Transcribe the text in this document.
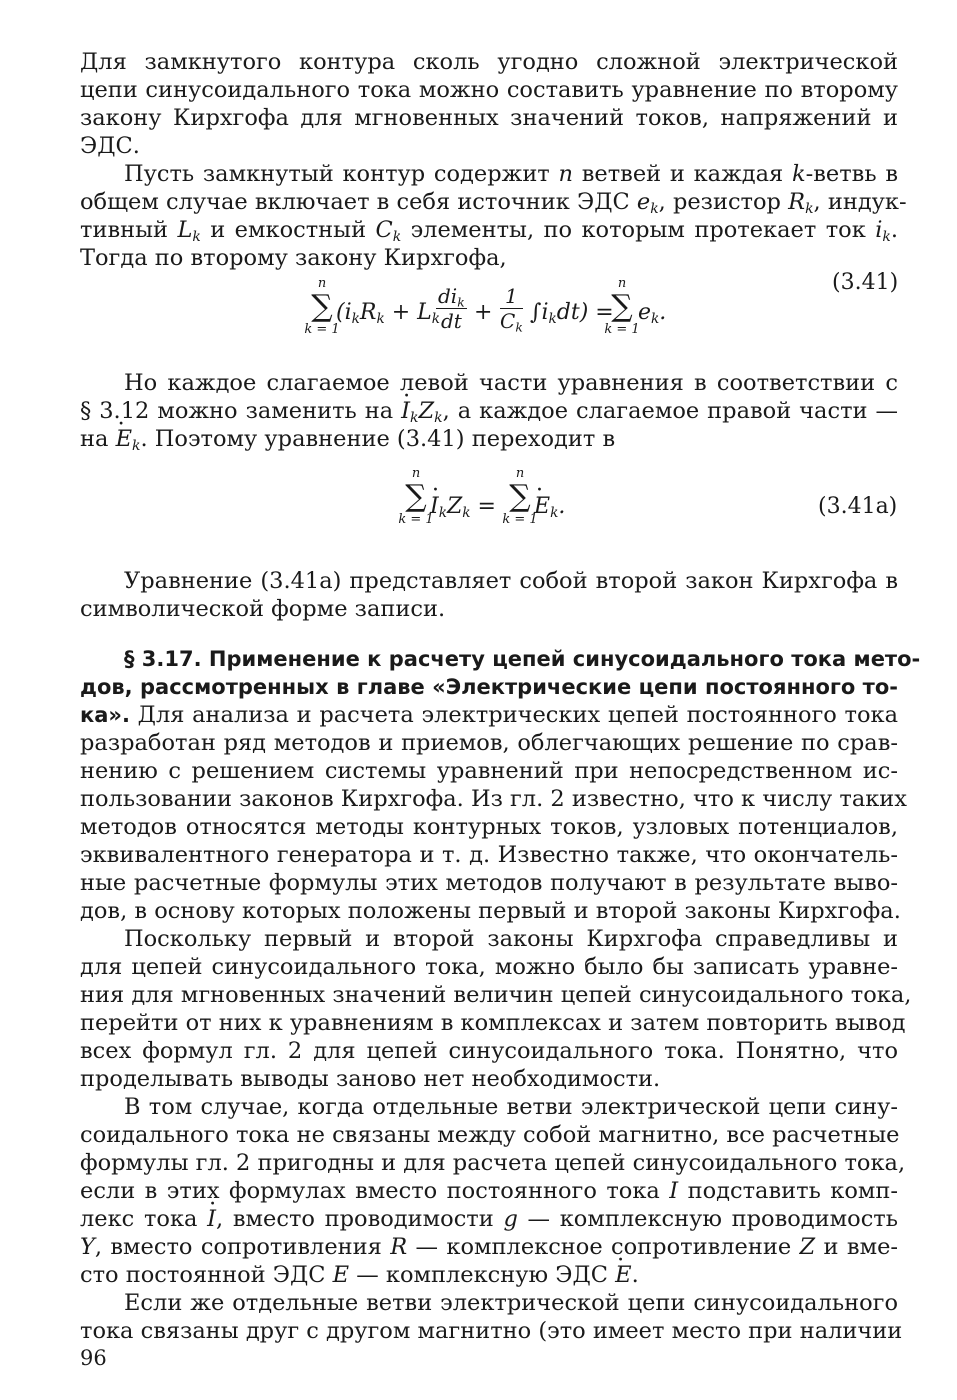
Для замкнутого контура сколь угодно сложной электрической
цепи синусоидального тока можно составить уравнение по второму
закону Кирхгофа для мгновенных значений токов, напряжений и
ЭДС.
Пусть замкнутый контур содержит n ветвей и каждая k-ветвь в
общем случае включает в себя источник ЭДС $e_k$, резистор $R_k$, индук-
тивный $L_k$ и емкостный $C_k$ элементы, по которым протекает ток $i_k$.
Тогда по второму закону Кирхгофа,
n
∑
k = 1
($i_kR_k + L_k$
$di_k$
dt + $\frac{1}{C_k} \int i_kdt$) =
n
∑
k = 1
$e_k$.
(3.41)
Но каждое слагаемое левой части уравнения в соответствии с
§ 3.12 можно заменить на · $I_kZ_k$, а каждое слагаемое правой части —
на · $E_k$. Поэтому уравнение (3.41) переходит в
n
∑
k = 1
· $I_kZ_k$ =
n
∑
k = 1
· $E_k$.	(3.41a)
Уравнение (3.41a) представляет собой второй закон Кирхгофа в
символической форме записи.
§ 3.17. Применение к расчету цепей синусоидального тока мето-
дов, рассмотренных в главе «Электрические цепи постоянного то-
ка». Для анализа и расчета электрических цепей постоянного тока
разработан ряд методов и приемов, облегчающих решение по срав-
нению с решением системы уравнений при непосредственном ис-
пользовании законов Кирхгофа. Из гл. 2 известно, что к числу таких
методов относятся методы контурных токов, узловых потенциалов,
эквивалентного генератора и т. д. Известно также, что окончатель-
ные расчетные формулы этих методов получают в результате выво-
дов, в основу которых положены первый и второй законы Кирхгофа.
Поскольку первый и второй законы Кирхгофа справедливы и
для цепей синусоидального тока, можно было бы записать уравне-
ния для мгновенных значений величин цепей синусоидального тока,
перейти от них к уравнениям в комплексах и затем повторить вывод
всех формул гл. 2 для цепей синусоидального тока. Понятно, что
проделывать выводы заново нет необходимости.
В том случае, когда отдельные ветви электрической цепи сину-
соидального тока не связаны между собой магнитно, все расчетные
формулы гл. 2 пригодны и для расчета цепей синусоидального тока,
если в этих формулах вместо постоянного тока I подставить комп-
лекс тока · I, вместо проводимости g — комплексную проводимость
Y, вместо сопротивления R — комплексное сопротивление Z и вме-
сто постоянной ЭДС E — комплексную ЭДС · E.
Если же отдельные ветви электрической цепи синусоидального
тока связаны друг с другом магнитно (это имеет место при наличии
96
